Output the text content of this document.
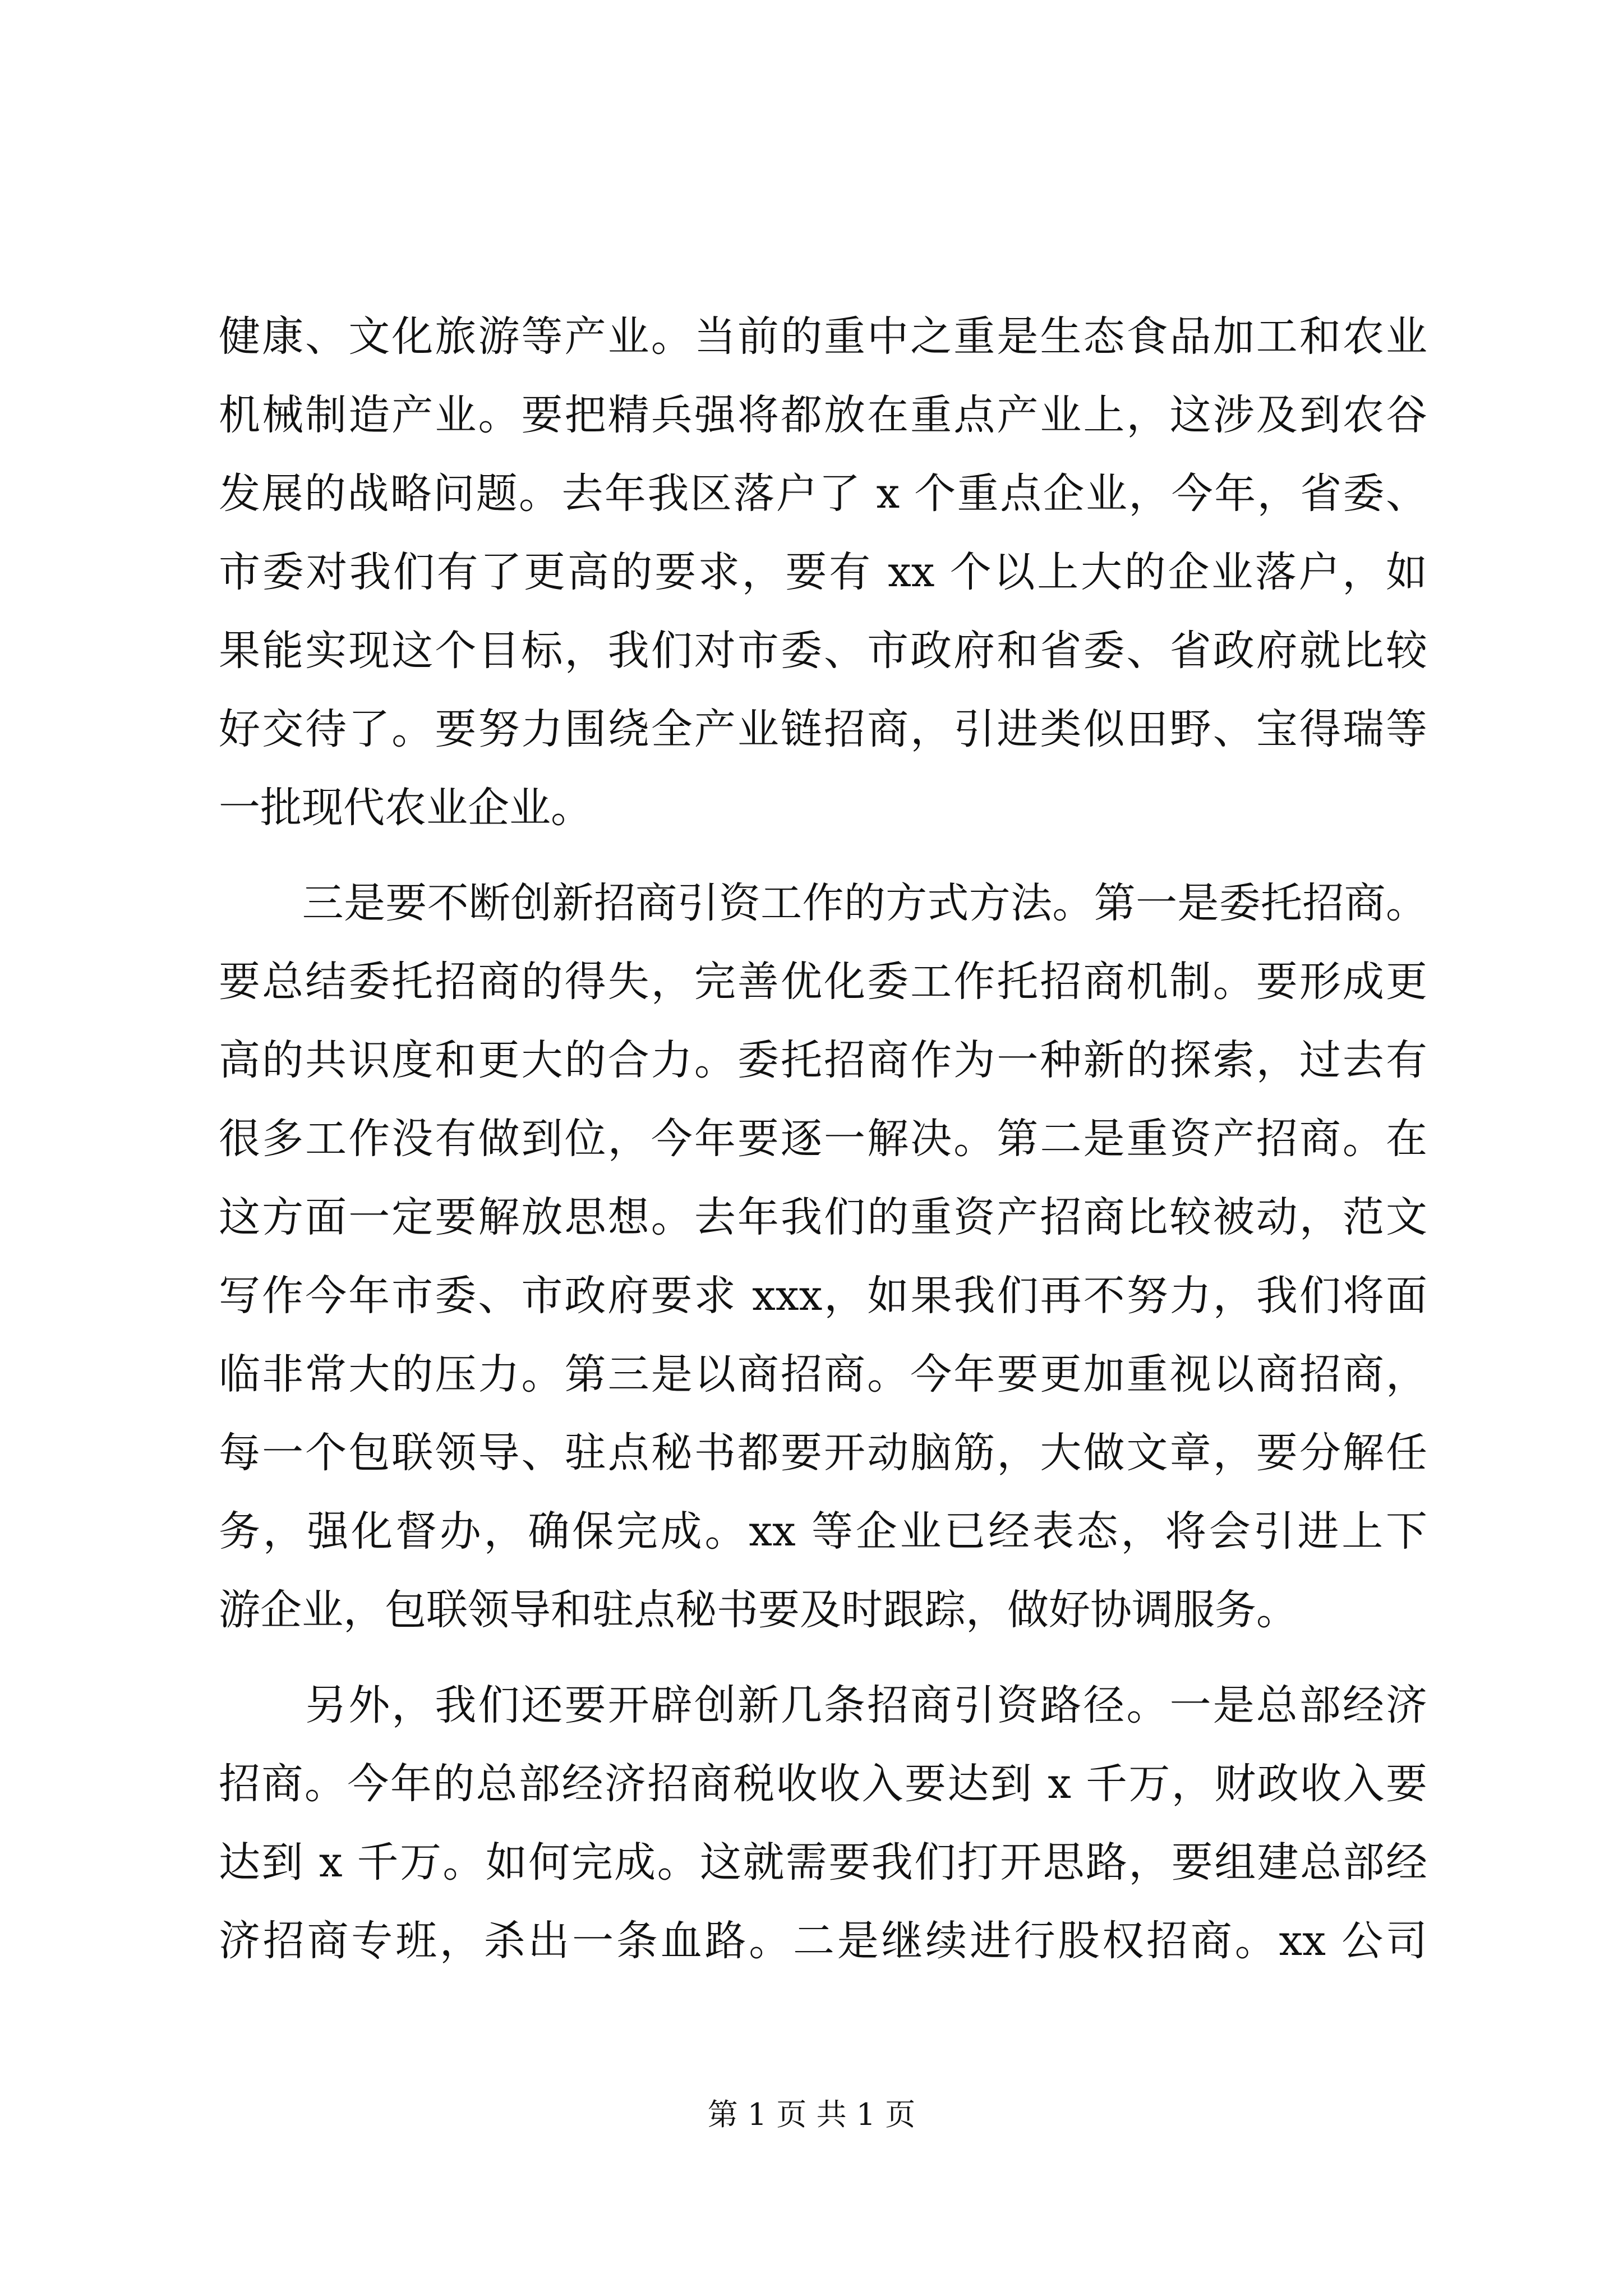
健康、文化旅游等产业。当前的重中之重是生态食品加工和农业
机械制造产业。要把精兵强将都放在重点产业上，这涉及到农谷
发展的战略问题。去年我区落户了 x 个重点企业，今年，省委、
市委对我们有了更高的要求，要有 xx 个以上大的企业落户，如
果能实现这个目标，我们对市委、市政府和省委、省政府就比较
好交待了。要努力围绕全产业链招商，引进类似田野、宝得瑞等
一批现代农业企业。
　　三是要不断创新招商引资工作的方式方法。第一是委托招商。
要总结委托招商的得失，完善优化委工作托招商机制。要形成更
高的共识度和更大的合力。委托招商作为一种新的探索，过去有
很多工作没有做到位，今年要逐一解决。第二是重资产招商。在
这方面一定要解放思想。去年我们的重资产招商比较被动，范文
写作今年市委、市政府要求 xxx，如果我们再不努力，我们将面
临非常大的压力。第三是以商招商。今年要更加重视以商招商，
每一个包联领导、驻点秘书都要开动脑筋，大做文章，要分解任
务，强化督办，确保完成。xx 等企业已经表态，将会引进上下
游企业，包联领导和驻点秘书要及时跟踪，做好协调服务。
　　另外，我们还要开辟创新几条招商引资路径。一是总部经济
招商。今年的总部经济招商税收收入要达到 x 千万，财政收入要
达到 x 千万。如何完成。这就需要我们打开思路，要组建总部经
济招商专班，杀出一条血路。二是继续进行股权招商。xx 公司
第 1 页 共 1 页
